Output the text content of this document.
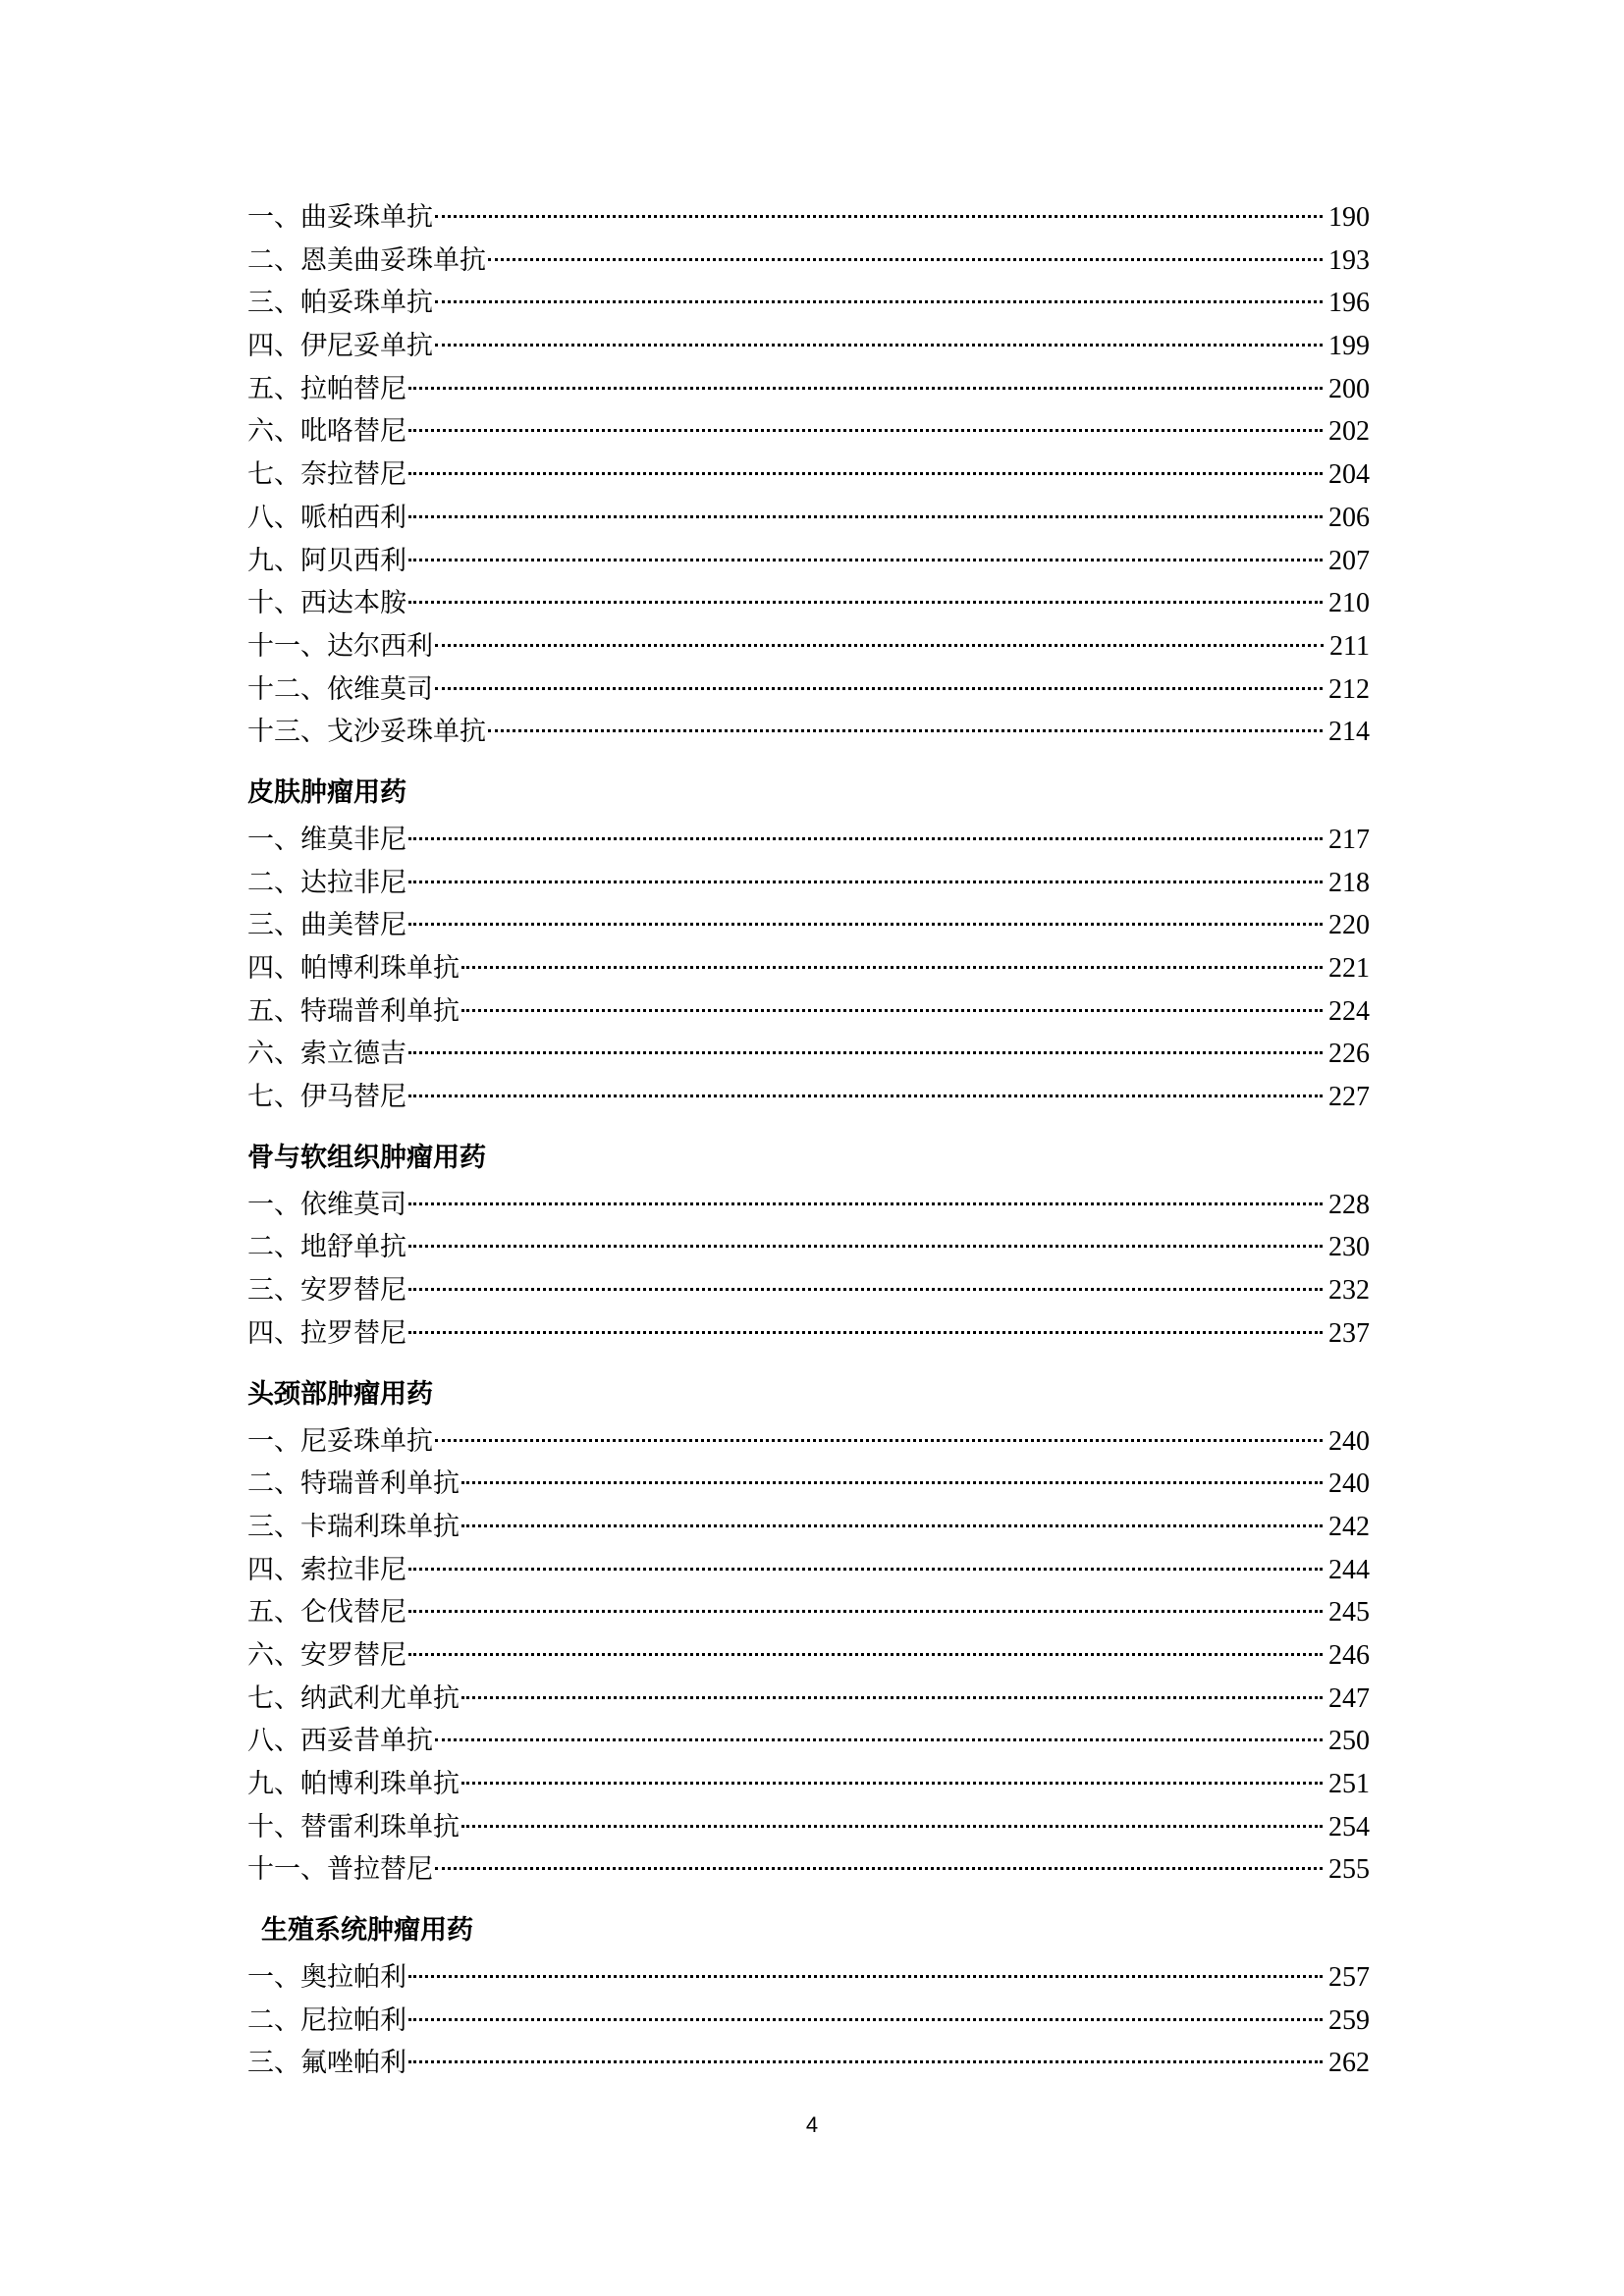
一、曲妥珠单抗	190
二、恩美曲妥珠单抗	193
三、帕妥珠单抗	196
四、伊尼妥单抗	199
五、拉帕替尼	200
六、吡咯替尼	202
七、奈拉替尼	204
八、哌柏西利	206
九、阿贝西利	207
十、西达本胺	210
十一、达尔西利	211
十二、依维莫司	212
十三、戈沙妥珠单抗	214
皮肤肿瘤用药
一、维莫非尼	217
二、达拉非尼	218
三、曲美替尼	220
四、帕博利珠单抗	221
五、特瑞普利单抗	224
六、索立德吉	226
七、伊马替尼	227
骨与软组织肿瘤用药
一、依维莫司	228
二、地舒单抗	230
三、安罗替尼	232
四、拉罗替尼	237
头颈部肿瘤用药
一、尼妥珠单抗	240
二、特瑞普利单抗	240
三、卡瑞利珠单抗	242
四、索拉非尼	244
五、仑伐替尼	245
六、安罗替尼	246
七、纳武利尤单抗	247
八、西妥昔单抗	250
九、帕博利珠单抗	251
十、替雷利珠单抗	254
十一、普拉替尼	255
生殖系统肿瘤用药
一、奥拉帕利	257
二、尼拉帕利	259
三、氟唑帕利	262
4
